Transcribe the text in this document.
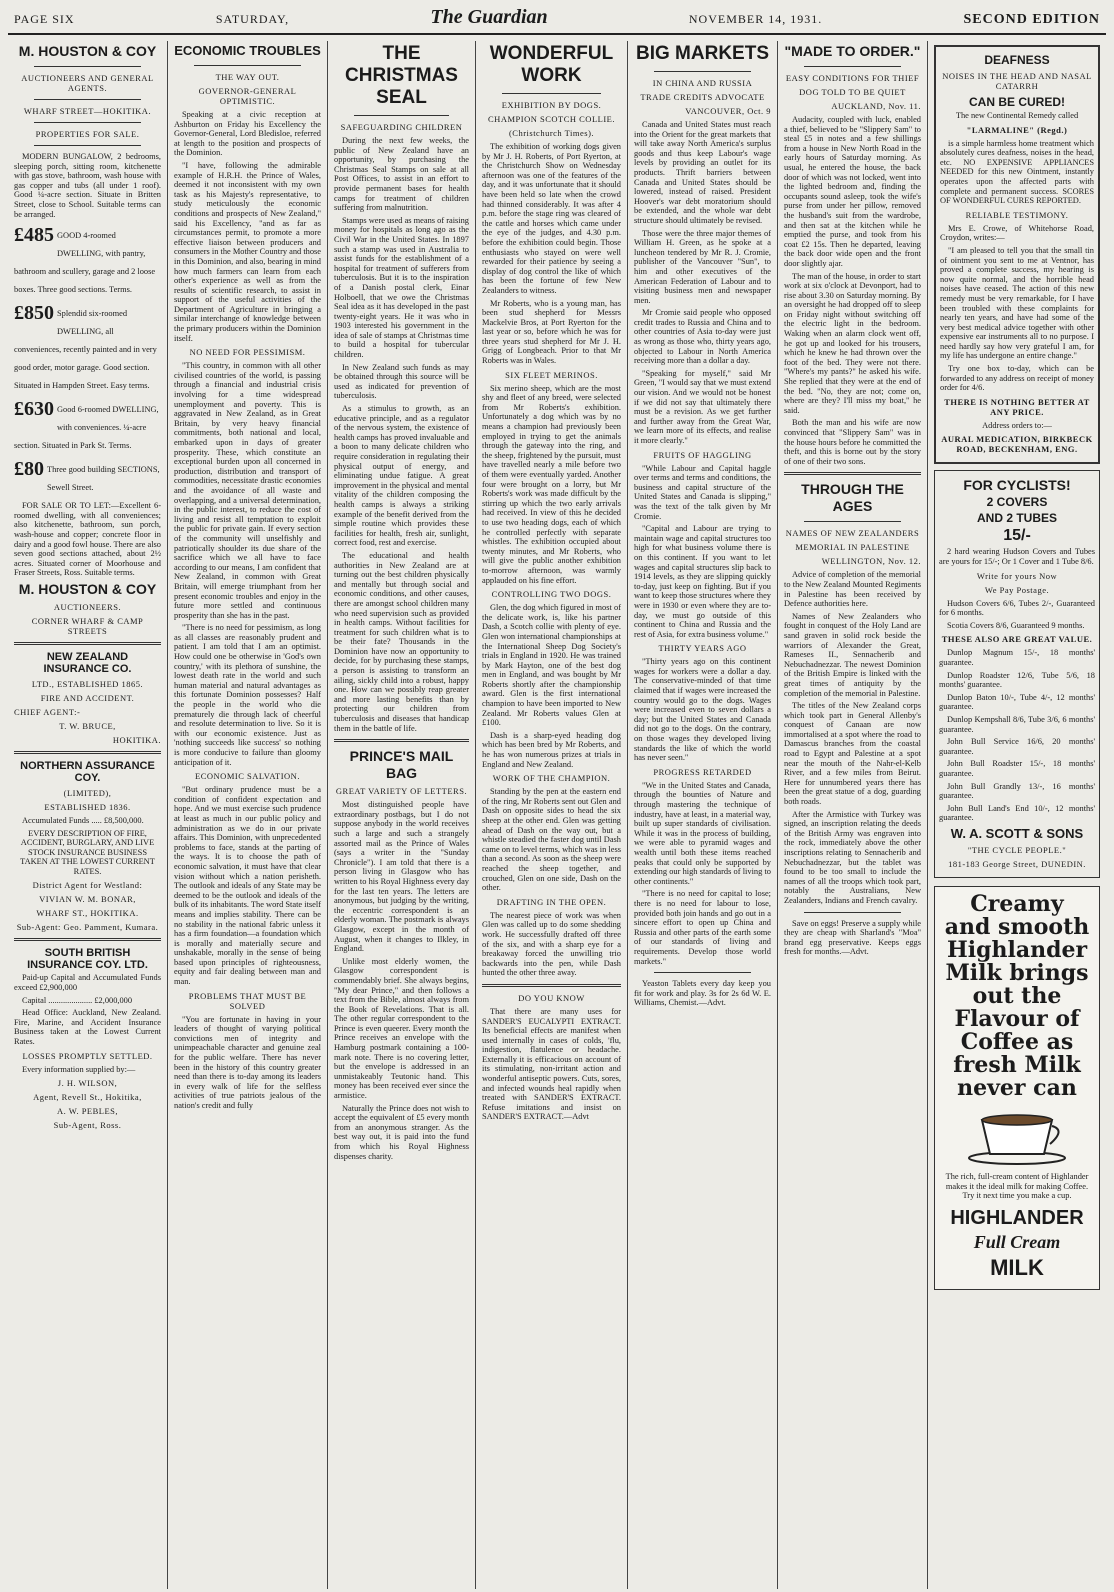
PAGE SIX	SATURDAY,	The Guardian	NOVEMBER 14, 1931.	SECOND EDITION
M. HOUSTON & COY
AUCTIONEERS AND GENERAL AGENTS.
WHARF STREET—HOKITIKA.
PROPERTIES FOR SALE.

MODERN BUNGALOW, 2 bedrooms, sleeping porch, sitting room, kitchenette with gas stove, bathroom, wash house with gas copper and tubs (all under 1 roof). Good ¼-acre section. Situate in Britten Street, close to School. Suitable terms can be arranged.

£485 GOOD 4-roomed DWELLING, with pantry, bathroom and scullery, garage and 2 loose boxes. Three good sections. Terms.
£850 Splendid six-roomed DWELLING, all conveniences, recently painted and in very good order, motor garage. Good section. Situated in Hampden Street. Easy terms.
£630 Good 6-roomed DWELLING, with conveniences. ¼-acre section. Situated in Park St. Terms.
£80 Three good building SECTIONS, Sewell Street.

FOR SALE OR TO LET:—Excellent 6-roomed dwelling, with all conveniences; also kitchenette, bathroom, sun porch, wash-house and copper; concrete floor in dairy and a good fowl house. There are also seven good sections attached, about 2½ acres. Situated corner of Moorhouse and Fraser Streets, Ross. Suitable terms.

M. HOUSTON & COY
AUCTIONEERS.
CORNER WHARF & CAMP STREETS
NEW ZEALAND INSURANCE CO.
LTD., ESTABLISHED 1865.
FIRE AND ACCIDENT.
CHIEF AGENT:-
T. W. BRUCE,
HOKITIKA.
NORTHERN ASSURANCE COY.
(LIMITED),
ESTABLISHED 1836.

Accumulated Funds ..... £8,500,000.

EVERY DESCRIPTION OF FIRE, ACCIDENT, BURGLARY, AND LIVE STOCK INSURANCE BUSINESS TAKEN AT THE LOWEST CURRENT RATES.

District Agent for Westland:
VIVIAN W. M. BONAR,
WHARF ST., HOKITIKA.
Sub-Agent: Geo. Pamment, Kumara.
SOUTH BRITISH INSURANCE COY. LTD.

Paid-up Capital and Accumulated Funds exceed £2,900,000

Capital ..................... £2,000,000

Head Office: Auckland, New Zealand. Fire, Marine, and Accident Insurance Business taken at the Lowest Current Rates.

LOSSES PROMPTLY SETTLED.

Every information supplied by:—

J. H. WILSON,
Agent, Revell St., Hokitika,
A. W. PEBLES,
Sub-Agent, Ross.
ECONOMIC TROUBLES
THE WAY OUT.
GOVERNOR-GENERAL OPTIMISTIC.

Speaking at a civic reception at Ashburton on Friday his Excellency the Governor-General, Lord Bledisloe, referred at length to the position and prospects of the Dominion.

"I have, following the admirable example of H.R.H. the Prince of Wales, deemed it not inconsistent with my own task as his Majesty's representative, to study meticulously the economic conditions and prospects of New Zealand," said his Excellency, "and as far as circumstances permit, to promote a more effective liaison between producers and consumers in the Mother Country and those in this Dominion, and also, bearing in mind how much farmers can learn from each other's experience as well as from the results of scientific research, to assist in support of the useful activities of the Department of Agriculture in bringing a similar interchange of knowledge between the primary producers within the Dominion itself.

NO NEED FOR PESSIMISM.

"This country, in common with all other civilised countries of the world, is passing through a financial and industrial crisis involving for a time widespread unemployment and poverty. This is aggravated in New Zealand, as in Great Britain, by very heavy financial commitments, both national and local, embarked upon in days of greater prosperity. These, which constitute an exceptional burden upon all concerned in production, distribution and transport of commodities, necessitate drastic economies and the avoidance of all waste and overlapping, and a universal determination, in the public interest, to reduce the cost of living and resist all temptation to exploit the public for private gain. If every section of the community will unselfishly and patriotically shoulder its due share of the sacrifice which we all have to face according to our means, I am confident that New Zealand, in common with Great Britain, will emerge triumphant from her present economic troubles and enjoy in the future more settled and continuous prosperity than she has in the past.

"There is no need for pessimism, as long as all classes are reasonably prudent and patient. I am told that I am an optimist. How could one be otherwise in 'God's own country,' with its plethora of sunshine, the lowest death rate in the world and such human material and natural advantages as this fortunate Dominion possesses? Half the people in the world who die prematurely die through lack of cheerful and resolute determination to live. So it is with our economic existence. Just as 'nothing succeeds like success' so nothing is more conducive to failure than gloomy anticipation of it.

ECONOMIC SALVATION.

"But ordinary prudence must be a condition of confident expectation and hope. And we must exercise such prudence at least as much in our public policy and administration as we do in our private affairs. This Dominion, with unprecedented problems to face, stands at the parting of the ways. It is to choose the path of economic salvation, it must have that clear vision without which a nation perisheth. The outlook and ideals of any State may be deemed to be the outlook and ideals of the bulk of its inhabitants. The word State itself means and implies stability. There can be no stability in the national fabric unless it has a firm foundation—a foundation which is morally and materially secure and unshakable, morally in the sense of being based upon principles of righteousness, equity and fair dealing between man and man.

PROBLEMS THAT MUST BE SOLVED

"You are fortunate in having in your leaders of thought of varying political convictions men of integrity and unimpeachable character and genuine zeal for the public welfare. There has never been in the history of this country greater need than there is to-day among its leaders in every walk of life for the selfless activities of true patriots jealous of the nation's credit and fully

THE CHRISTMAS SEAL
SAFEGUARDING CHILDREN

During the next few weeks, the public of New Zealand have an opportunity, by purchasing the Christmas Seal Stamps on sale at all Post Offices, to assist in an effort to provide permanent bases for health camps for treatment of children suffering from malnutrition.

Stamps were used as means of raising money for hospitals as long ago as the Civil War in the United States. In 1897 such a stamp was used in Australia to assist funds for the establishment of a hospital for treatment of sufferers from tuberculosis. But it is to the inspiration of a Danish postal clerk, Einar Holboell, that we owe the Christmas Seal idea as it has developed in the past twenty-eight years. He it was who in 1903 interested his government in the idea of sale of stamps at Christmas time to build a hospital for tubercular children.

In New Zealand such funds as may be obtained through this source will be used as indicated for prevention of tuberculosis.

As a stimulus to growth, as an educative principle, and as a regulator of the nervous system, the existence of health camps has proved invaluable and a boon to many delicate children who require consideration in regulating their physical output of energy, and eliminating undue fatigue. A great improvement in the physical and mental vitality of the children composing the health camps is always a striking example of the benefit derived from the simple routine which provides these facilities for health, fresh air, sunlight, correct food, rest and exercise.

The educational and health authorities in New Zealand are at turning out the best children physically and mentally but through social and economic conditions, and other causes, there are amongst school children many who need supervision such as provided in health camps. Without facilities for treatment for such children what is to be their fate? Thousands in the Dominion have now an opportunity to decide, for by purchasing these stamps, a person is assisting to transform an ailing, sickly child into a robust, happy one. How can we possibly reap greater and more lasting benefits than by protecting our children from tuberculosis and diseases that handicap them in the battle of life.

PRINCE'S MAIL BAG
GREAT VARIETY OF LETTERS.

Most distinguished people have extraordinary postbags, but I do not suppose anybody in the world receives such a large and such a strangely assorted mail as the Prince of Wales (says a writer in the "Sunday Chronicle"). I am told that there is a person living in Glasgow who has written to his Royal Highness every day for the last ten years. The letters are anonymous, but judging by the writing, the eccentric correspondent is an elderly woman. The postmark is always Glasgow, except in the month of August, when it changes to Ilkley, in England.

Unlike most elderly women, the Glasgow correspondent is commendably brief. She always begins, "My dear Prince," and then follows a text from the Bible, almost always from the Book of Revelations. That is all. The other regular correspondent to the Prince is even queerer. Every month the Prince receives an envelope with the Hamburg postmark containing a 100-mark note. There is no covering letter, but the envelope is addressed in an unmistakeably Teutonic hand. This money has been received ever since the armistice.

Naturally the Prince does not wish to accept the equivalent of £5 every month from an anonymous stranger. As the best way out, it is paid into the fund from which his Royal Highness dispenses charity.

WONDERFUL WORK
EXHIBITION BY DOGS.
CHAMPION SCOTCH COLLIE.
(Christchurch Times).

The exhibition of working dogs given by Mr J. H. Roberts, of Port Ryerton, at the Christchurch Show on Wednesday afternoon was one of the features of the day, and it was unfortunate that it should have been held so late when the crowd had thinned considerably. It was after 4 p.m. before the stage ring was cleared of the cattle and horses which came under the eye of the judges, and 4.30 p.m. before the exhibition could begin. Those enthusiasts who stayed on were well rewarded for their patience by seeing a display of dog control the like of which has been the fortune of few New Zealanders to witness.

Mr Roberts, who is a young man, has been stud shepherd for Messrs Mackelvie Bros, at Port Ryerton for the last year or so, before which he was for three years stud shepherd for Mr J. H. Grigg of Longbeach. Prior to that Mr Roberts was in Wales.

SIX FLEET MERINOS.

Six merino sheep, which are the most shy and fleet of any breed, were selected from Mr Roberts's exhibition. Unfortunately a dog which was by no means a champion had previously been employed in trying to get the animals through the gateway into the ring, and the sheep, frightened by the pursuit, must have travelled nearly a mile before two of them were eventually yarded. Another four were brought on a lorry, but Mr Roberts's work was made difficult by the stirring up which the two early arrivals had received. In view of this he decided to use two heading dogs, each of which he controlled perfectly with separate whistles. The exhibition occupied about twenty minutes, and Mr Roberts, who will give the public another exhibition to-morrow afternoon, was warmly applauded on his fine effort.

CONTROLLING TWO DOGS.

Glen, the dog which figured in most of the delicate work, is, like his partner Dash, a Scotch collie with plenty of eye. Glen won international championships at the International Sheep Dog Society's trials in England in 1920. He was trained by Mark Hayton, one of the best dog men in England, and was bought by Mr Roberts shortly after the championship award. Glen is the first international champion to have been imported to New Zealand. Mr Roberts values Glen at £100.

Dash is a sharp-eyed heading dog which has been bred by Mr Roberts, and he has won numerous prizes at trials in England and New Zealand.

WORK OF THE CHAMPION.

Standing by the pen at the eastern end of the ring, Mr Roberts sent out Glen and Dash on opposite sides to head the six sheep at the other end. Glen was getting ahead of Dash on the way out, but a whistle steadied the faster dog until Dash came on to level terms, which was in less than a second. As soon as the sheep were reached the sheep together, and crouched, Glen on one side, Dash on the other.

DRAFTING IN THE OPEN.

The nearest piece of work was when Glen was called up to do some shedding work. He successfully drafted off three of the six, and with a sharp eye for a breakaway forced the unwilling trio backwards into the pen, while Dash hunted the other three away.

DO YOU KNOW

That there are many uses for SANDER'S EUCALYPTI EXTRACT. Its beneficial effects are manifest when used internally in cases of colds, 'flu, indigestion, flatulence or headache. Externally it is efficacious on account of its stimulating, non-irritant action and wonderful antiseptic powers. Cuts, sores, and infected wounds heal rapidly when treated with SANDER'S EXTRACT. Refuse imitations and insist on SANDER'S EXTRACT.—Advt

BIG MARKETS
IN CHINA AND RUSSIA
TRADE CREDITS ADVOCATE
VANCOUVER, Oct. 9

Canada and United States must reach into the Orient for the great markets that will take away North America's surplus goods and thus keep Labour's wage levels by providing an outlet for its products. Thrift barriers between Canada and United States should be lowered, instead of raised. President Hoover's war debt moratorium should be extended, and the whole war debt structure should ultimately be revised.

Those were the three major themes of William H. Green, as he spoke at a luncheon tendered by Mr R. J. Cromie, publisher of the Vancouver "Sun", to him and other executives of the American Federation of Labour and to visiting business men and newspaper men.

Mr Cromie said people who opposed credit trades to Russia and China and to other countries of Asia to-day were just as wrong as those who, thirty years ago, objected to Labour in North America receiving more than a dollar a day.

"Speaking for myself," said Mr Green, "I would say that we must extend our vision. And we would not be honest if we did not say that ultimately there must be a revision. As we get further and further away from the Great War, we learn more of its effects, and realise it more clearly."

FRUITS OF HAGGLING

"While Labour and Capital haggle over terms and terms and conditions, the business and capital structure of the United States and Canada is slipping," was the text of the talk given by Mr Cromie.

"Capital and Labour are trying to maintain wage and capital structures too high for what business volume there is on this continent. If you want to let wages and capital structures slip back to 1914 levels, as they are slipping quickly to-day, just keep on fighting. But if you want to keep those structures where they were in 1930 or even where they are to-day, we must go outside of this continent to China and Russia and the rest of Asia, for extra business volume."

THIRTY YEARS AGO

"Thirty years ago on this continent wages for workers were a dollar a day. The conservative-minded of that time claimed that if wages were increased the country would go to the dogs. Wages were increased even to seven dollars a day; but the United States and Canada did not go to the dogs. On the contrary, on those wages they developed living standards the like of which the world has never seen."

PROGRESS RETARDED

"We in the United States and Canada, through the bounties of Nature and through mastering the technique of industry, have at least, in a material way, built up super standards of civilisation. While it was in the process of building, we were able to pyramid wages and wealth until both these items reached peaks that could only be supported by extending our high standards of living to other continents."

"There is no need for capital to lose; there is no need for labour to lose, provided both join hands and go out in a sincere effort to open up China and Russia and other parts of the earth some of our standards of living and requirements. Develop those world markets."

Yeaston Tablets every day keep you fit for work and play. 3s for 2s 6d W. E. Williams, Chemist.—Advt.

"MADE TO ORDER."
EASY CONDITIONS FOR THIEF
DOG TOLD TO BE QUIET
AUCKLAND, Nov. 11.

Audacity, coupled with luck, enabled a thief, believed to be "Slippery Sam" to steal £5 in notes and a few shillings from a house in New North Road in the early hours of Saturday morning. As usual, he entered the house, the back door of which was not locked, went into the lighted bedroom and, finding the occupants sound asleep, took the wife's purse from under her pillow, removed the husband's suit from the wardrobe, and then sat at the kitchen while he emptied the purse, and took from his coat £2 15s. Then he departed, leaving the back door wide open and the front door slightly ajar.

The man of the house, in order to start work at six o'clock at Devonport, had to rise about 3.30 on Saturday morning. By an oversight he had dropped off to sleep on Friday night without switching off the electric light in the bedroom. Waking when an alarm clock went off, he got up and looked for his trousers, which he knew he had thrown over the foot of the bed. They were not there. "Where's my pants?" he asked his wife. She replied that they were at the end of the bed. "No, they are not; come on, where are they? I'll miss my boat," he said.

Both the man and his wife are now convinced that "Slippery Sam" was in the house hours before he committed the theft, and this is borne out by the story of one of their two sons.

THROUGH THE AGES
NAMES OF NEW ZEALANDERS
MEMORIAL IN PALESTINE
WELLINGTON, Nov. 12.

Advice of completion of the memorial to the New Zealand Mounted Regiments in Palestine has been received by Defence authorities here.

Names of New Zealanders who fought in conquest of the Holy Land are sand graven in solid rock beside the warriors of Alexander the Great, Rameses II., Sennacherib and Nebuchadnezzar. The newest Dominion of the British Empire is linked with the great times of antiquity by the completion of the memorial in Palestine.

The titles of the New Zealand corps which took part in General Allenby's conquest of Canaan are now immortalised at a spot where the road to Damascus branches from the coastal road to Egypt and Palestine at a spot near the mouth of the Nahr-el-Kelb River, and a few miles from Beirut. Here for unnumbered years there has been the great statue of a dog, guarding both roads.

After the Armistice with Turkey was signed, an inscription relating the deeds of the British Army was engraven into the rock, immediately above the other inscriptions relating to Sennacherib and Nebuchadnezzar, but the tablet was found to be too small to include the names of all the troops which took part, notably the Australians, New Zealanders, Indians and French cavalry.

Save on eggs! Preserve a supply while they are cheap with Sharland's "Moa" brand egg preservative. Keeps eggs fresh for months.—Advt.

DEAFNESS
NOISES IN THE HEAD AND NASAL CATARRH
CAN BE CURED!

The new Continental Remedy called

"LARMALINE" (Regd.)

is a simple harmless home treatment which absolutely cures deafness, noises in the head, etc. NO EXPENSIVE APPLIANCES NEEDED for this new Ointment, instantly operates upon the affected parts with complete and permanent success. SCORES OF WONDERFUL CURES REPORTED.

RELIABLE TESTIMONY.

Mrs E. Crowe, of Whitehorse Road, Croydon, writes:—

"I am pleased to tell you that the small tin of ointment you sent to me at Ventnor, has proved a complete success, my hearing is now quite normal, and the horrible head noises have ceased. The action of this new remedy must be very remarkable, for I have been troubled with these complaints for nearly ten years, and have had some of the very best medical advice together with other expensive ear instruments all to no purpose. I need hardly say how very grateful I am, for my life has undergone an entire change."

Try one box to-day, which can be forwarded to any address on receipt of money order for 4/6.

THERE IS NOTHING BETTER AT ANY PRICE.

Address orders to:—

AURAL MEDICATION, BIRKBECK ROAD, BECKENHAM, ENG.
FOR CYCLISTS!
2 COVERS
AND 2 TUBES
15/-

2 hard wearing Hudson Covers and Tubes are yours for 15/-; Or 1 Cover and 1 Tube 8/6.

Write for yours Now
We Pay Postage.

Hudson Covers 6/6, Tubes 2/-, Guaranteed for 6 months.

Scotia Covers 8/6, Guaranteed 9 months.

THESE ALSO ARE GREAT VALUE.

Dunlop Magnum 15/-, 18 months' guarantee.

Dunlop Roadster 12/6, Tube 5/6, 18 months' guarantee.

Dunlop Baton 10/-, Tube 4/-, 12 months' guarantee.

Dunlop Kempshall 8/6, Tube 3/6, 6 months' guarantee.

John Bull Service 16/6, 20 months' guarantee.

John Bull Roadster 15/-, 18 months' guarantee.

John Bull Grandly 13/-, 16 months' guarantee.

John Bull Land's End 10/-, 12 months' guarantee.

W. A. SCOTT & SONS
"THE CYCLE PEOPLE."
181-183 George Street, DUNEDIN.
Creamy
and smooth
Highlander
Milk brings
out the
Flavour of
Coffee as
fresh Milk
never can

The rich, full-cream content of Highlander makes it the ideal milk for making Coffee. Try it next time you make a cup.

HIGHLANDER
Full Cream
MILK
